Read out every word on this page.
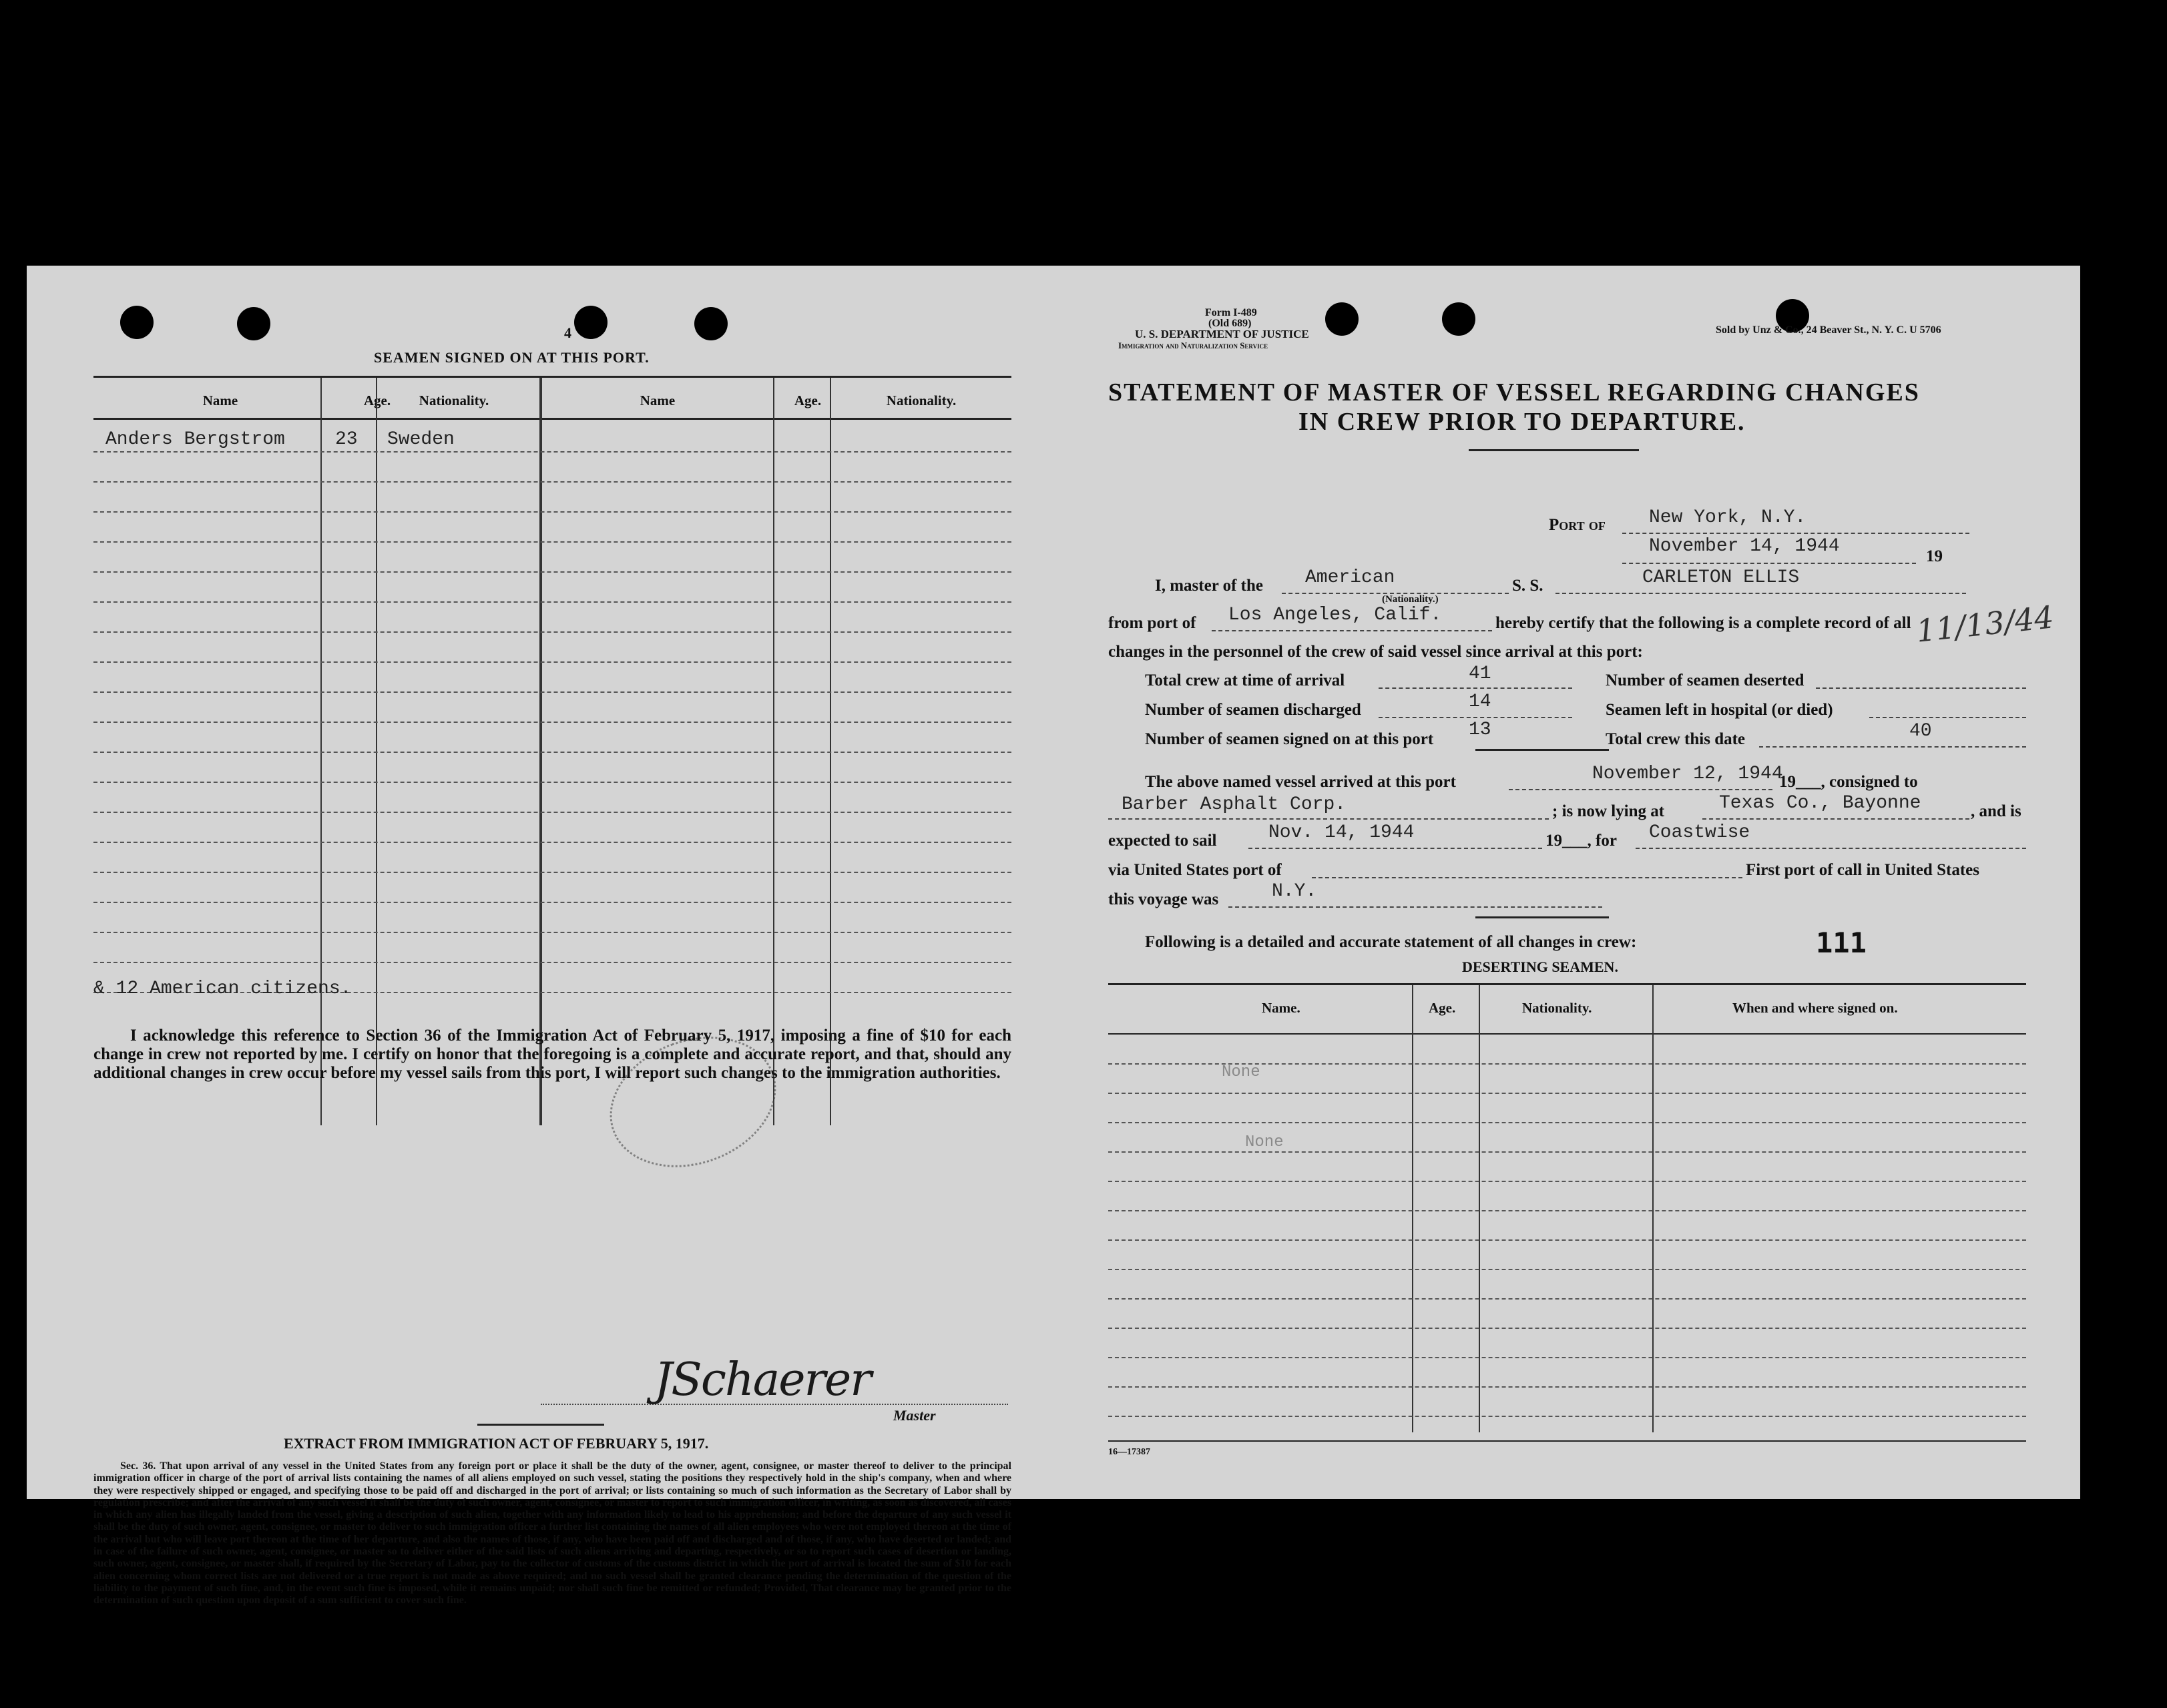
4
SEAMEN SIGNED ON AT THIS PORT.
Name	Age.	Nationality.	Name	Age.	Nationality.
Anders Bergstrom	23 Sweden
& 12 American citizens.
I acknowledge this reference to Section 36 of the Immigration Act of February 5, 1917, imposing a fine of $10 for each change in crew not reported by me. I certify on honor that the foregoing is a complete and accurate report, and that, should any additional changes in crew occur before my vessel sails from this port, I will report such changes to the immigration authorities.
JSchaerer
Master
EXTRACT FROM IMMIGRATION ACT OF FEBRUARY 5, 1917.
Sec. 36. That upon arrival of any vessel in the United States from any foreign port or place it shall be the duty of the owner, agent, consignee, or master thereof to deliver to the principal immigration officer in charge of the port of arrival lists containing the names of all aliens employed on such vessel, stating the positions they respectively hold in the ship's company, when and where they were respectively shipped or engaged, and specifying those to be paid off and discharged in the port of arrival; or lists containing so much of such information as the Secretary of Labor shall by regulation prescribe; and after the arrival of any such vessel it shall be the duty of such owner, agent, consignee, or master to report to such immigration officer, in writing, as soon as discovered, all cases in which any alien has illegally landed from the vessel, giving a description of such alien, together with any information likely to lead to his apprehension; and before the departure of any such vessel it shall be the duty of such owner, agent, consignee, or master to deliver to such immigration officer a further list containing the names of all alien employees who were not employed thereon at the time of the arrival but who will leave port thereon at the time of her departure, and also the names of those, if any, who have been paid off and discharged and of those, if any, who have deserted or landed; and in case of the failure of such owner, agent, consignee, or master so to deliver either of the said lists of such aliens arriving and departing, respectively, or so to report such cases of desertion or landing, such owner, agent, consignee, or master shall, if required by the Secretary of Labor, pay to the collector of customs of the customs district in which the port of arrival is located the sum of $10 for each alien concerning whom correct lists are not delivered or a true report is not made as above required; and no such vessel shall be granted clearance pending the determination of the question of the liability to the payment of such fine, and, in the event such fine is imposed, while it remains unpaid; nor shall such fine be remitted or refunded; Provided, That clearance may be granted prior to the determination of such question upon deposit of a sum sufficient to cover such fine.
Form I-489
(Old 689)
U. S. DEPARTMENT OF JUSTICE
Immigration and Naturalization Service
Sold by Unz & Co., 24 Beaver St., N. Y. C. U 5706
11/13/44
STATEMENT OF MASTER OF VESSEL REGARDING CHANGES
IN CREW PRIOR TO DEPARTURE.
Port of New York, N.Y.
November 14, 1944	19
I, master of the American
(Nationality.)
S. S.	CARLETON ELLIS
from port of Los Angeles, Calif.	hereby certify that the following is a complete record of all
changes in the personnel of the crew of said vessel since arrival at this port:
Total crew at time of arrival	41
Number of seamen discharged	14
Number of seamen signed on at this port 13
Number of seamen deserted
Seamen left in hospital (or died)
Total crew this date	40
The above named vessel arrived at this port	November 12, 1944
19___, consigned to
Barber Asphalt Corp.	; is now lying at	Texas Co., Bayonne	, and is
expected to sail	Nov. 14, 1944	19___, for Coastwise
via United States port of	First port of call in United States
this voyage was	N.Y.
Following is a detailed and accurate statement of all changes in crew:	111
DESERTING SEAMEN.
Name.	Age.	Nationality.	When and where signed on.
None
None
16—17387
